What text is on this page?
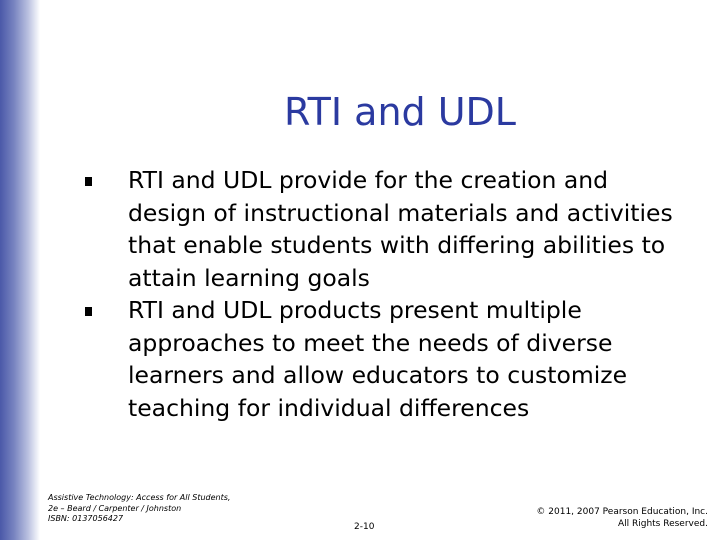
RTI and UDL
RTI and UDL provide for the creation and
design of instructional materials and activities
that enable students with differing abilities to
attain learning goals
RTI and UDL products present multiple
approaches to meet the needs of diverse
learners and allow educators to customize
teaching for individual differences
Assistive Technology: Access for All Students,
2e – Beard / Carpenter / Johnston
ISBN: 0137056427
2-10
© 2011, 2007 Pearson Education, Inc.
All Rights Reserved.
